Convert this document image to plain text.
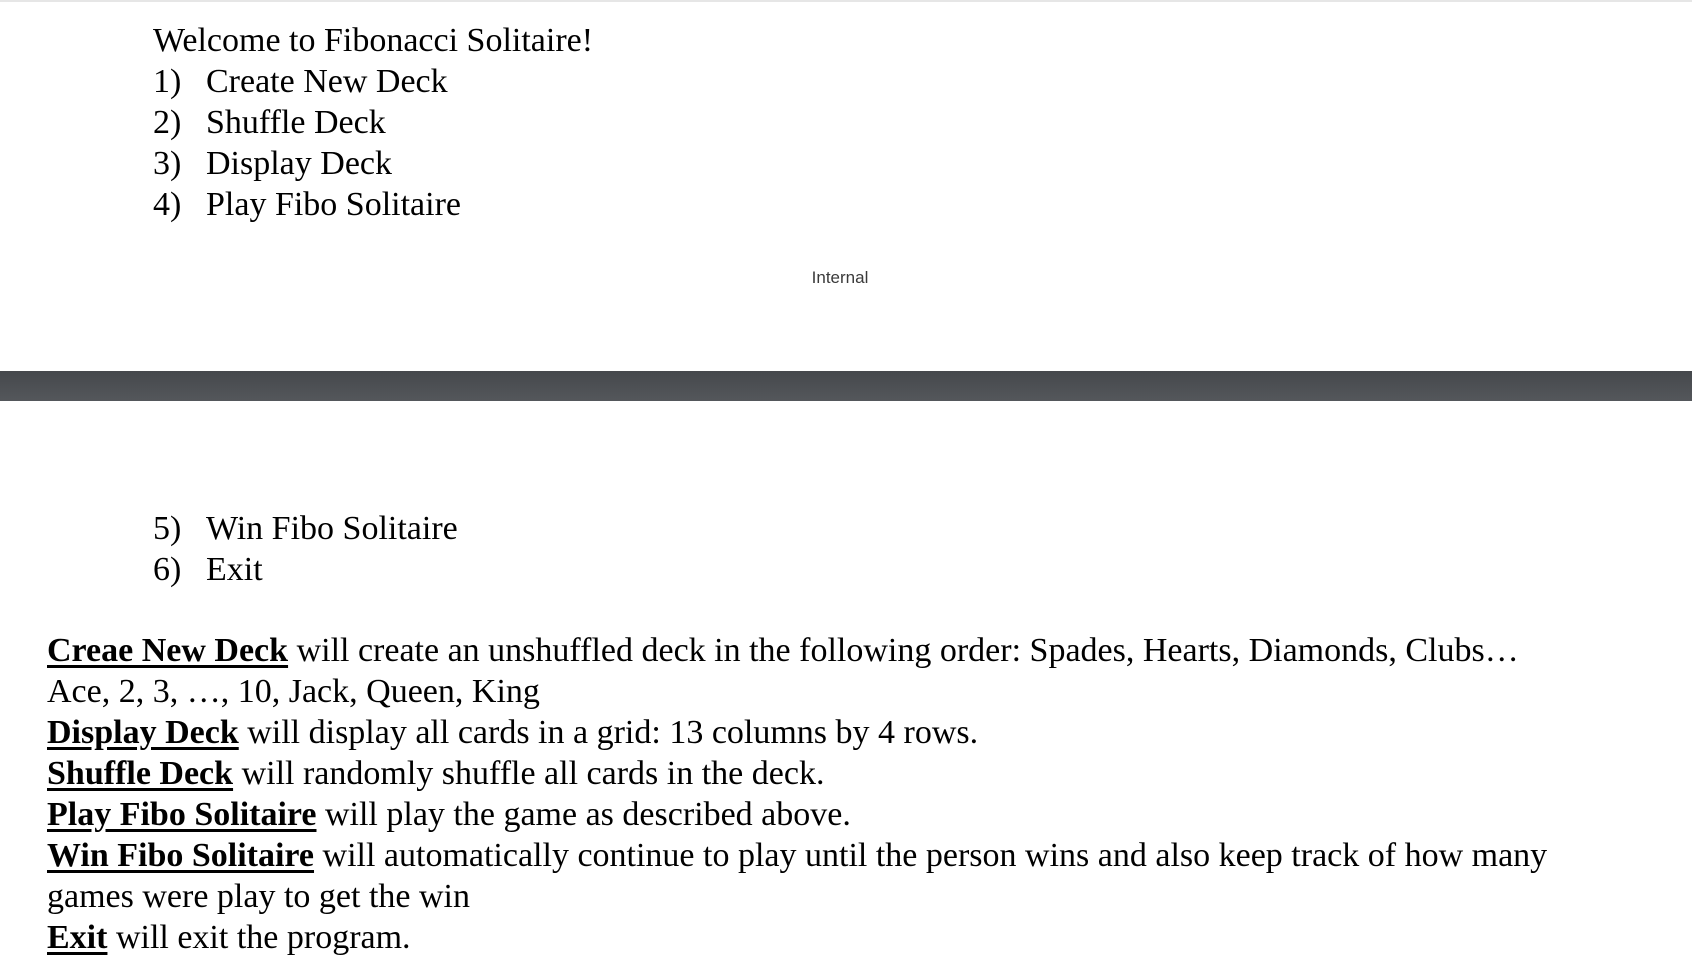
Welcome to Fibonacci Solitaire!
1) Create New Deck
2) Shuffle Deck
3) Display Deck
4) Play Fibo Solitaire
Internal
5) Win Fibo Solitaire
6) Exit
Creae New Deck will create an unshuffled deck in the following order: Spades, Hearts, Diamonds, Clubs…
Ace, 2, 3, …, 10, Jack, Queen, King
Display Deck will display all cards in a grid: 13 columns by 4 rows.
Shuffle Deck will randomly shuffle all cards in the deck.
Play Fibo Solitaire will play the game as described above.
Win Fibo Solitaire will automatically continue to play until the person wins and also keep track of how many
games were play to get the win
Exit will exit the program.
